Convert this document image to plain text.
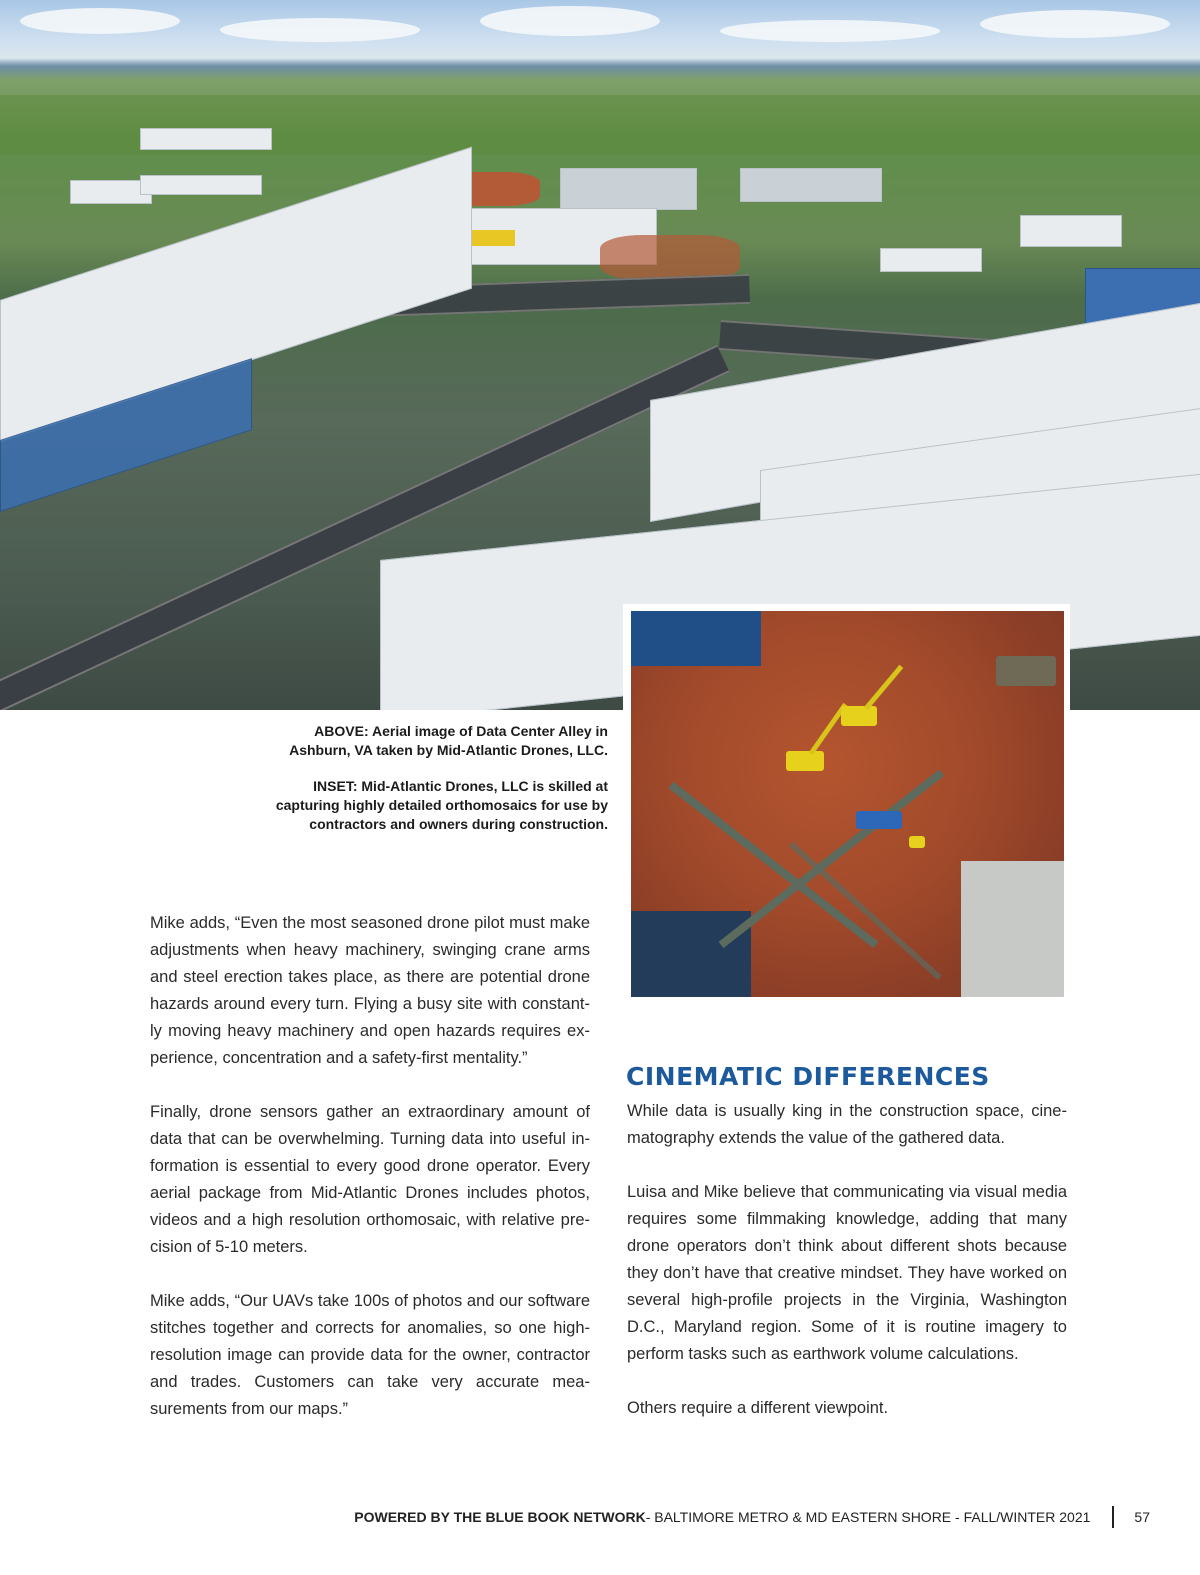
ABOVE: Aerial image of Data Center Alley in Ashburn, VA taken by Mid-Atlantic Drones, LLC.

INSET: Mid-Atlantic Drones, LLC is skilled at capturing highly detailed orthomosaics for use by contractors and owners during construction.

Mike adds, “Even the most seasoned drone pilot must make adjustments when heavy machinery, swinging crane arms and steel erection takes place, as there are potential drone hazards around every turn. Flying a busy site with constantly moving heavy machinery and open hazards requires experience, concentration and a safety-first mentality.”

Finally, drone sensors gather an extraordinary amount of data that can be overwhelming. Turning data into useful information is essential to every good drone operator. Every aerial package from Mid-Atlantic Drones includes photos, videos and a high resolution orthomosaic, with relative precision of 5-10 meters.

Mike adds, “Our UAVs take 100s of photos and our software stitches together and corrects for anomalies, so one high-resolution image can provide data for the owner, contractor and trades. Customers can take very accurate measurements from our maps.”

CINEMATIC DIFFERENCES

While data is usually king in the construction space, cinematography extends the value of the gathered data.

Luisa and Mike believe that communicating via visual media requires some filmmaking knowledge, adding that many drone operators don’t think about different shots because they don’t have that creative mindset. They have worked on several high-profile projects in the Virginia, Washington D.C., Maryland region. Some of it is routine imagery to perform tasks such as earthwork volume calculations.

Others require a different viewpoint.

POWERED BY THE BLUE BOOK NETWORK - BALTIMORE METRO & MD EASTERN SHORE - FALL/WINTER 2021	57
